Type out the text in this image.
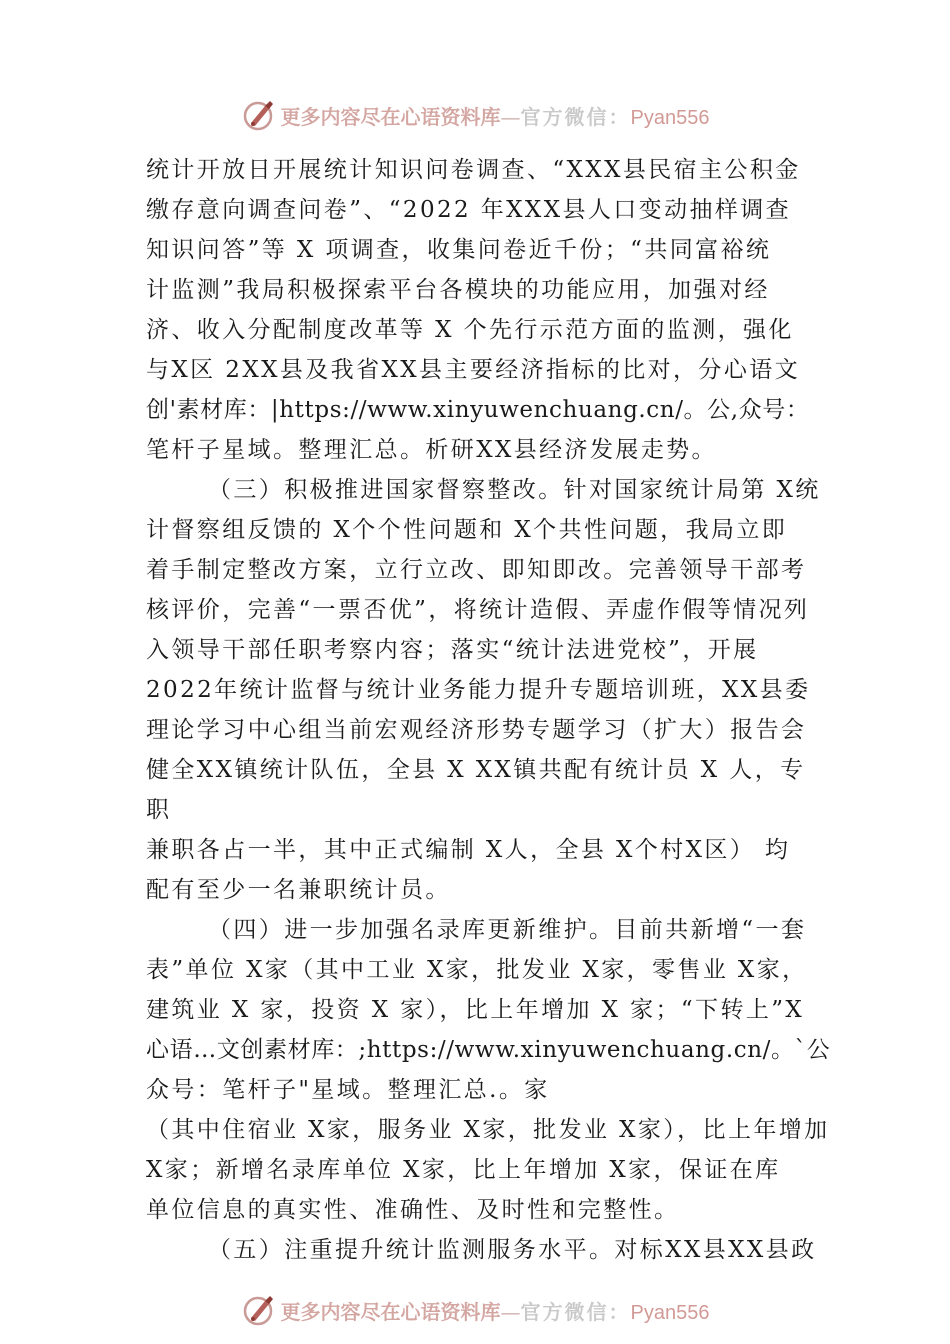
更多内容尽在心语资料库—官方微信：Pyan556
统计开放日开展统计知识问卷调查、“XXX县民宿主公积金
缴存意向调查问卷”、“2022 年XXX县人口变动抽样调查
知识问答”等 X 项调查，收集问卷近千份；“共同富裕统
计监测”我局积极探索平台各模块的功能应用，加强对经
济、收入分配制度改革等 X 个先行示范方面的监测，强化
与X区 2XX县及我省XX县主要经济指标的比对，分心语文
创'素材库：|https://www.xinyuwenchuang.cn/。公,众号：
笔杆子星域。整理汇总。析研XX县经济发展走势。
（三）积极推进国家督察整改。针对国家统计局第 X统
计督察组反馈的 X个个性问题和 X个共性问题，我局立即
着手制定整改方案，立行立改、即知即改。完善领导干部考
核评价，完善“一票否优”，将统计造假、弄虚作假等情况列
入领导干部任职考察内容；落实“统计法进党校”，开展
2022年统计监督与统计业务能力提升专题培训班，XX县委
理论学习中心组当前宏观经济形势专题学习（扩大）报告会
健全XX镇统计队伍，全县 X XX镇共配有统计员 X 人，专
职
兼职各占一半，其中正式编制 X人，全县 X个村X区） 均
配有至少一名兼职统计员。
（四）进一步加强名录库更新维护。目前共新增“一套
表”单位 X家（其中工业 X家，批发业 X家，零售业 X家，
建筑业 X 家，投资 X 家），比上年增加 X 家；“下转上”X
心语…文创素材库：;https://www.xinyuwenchuang.cn/。`公
众号：笔杆子"星域。整理汇总.。家
（其中住宿业 X家，服务业 X家，批发业 X家），比上年增加
X家；新增名录库单位 X家，比上年增加 X家，保证在库
单位信息的真实性、准确性、及时性和完整性。
（五）注重提升统计监测服务水平。对标XX县XX县政
更多内容尽在心语资料库—官方微信：Pyan556
